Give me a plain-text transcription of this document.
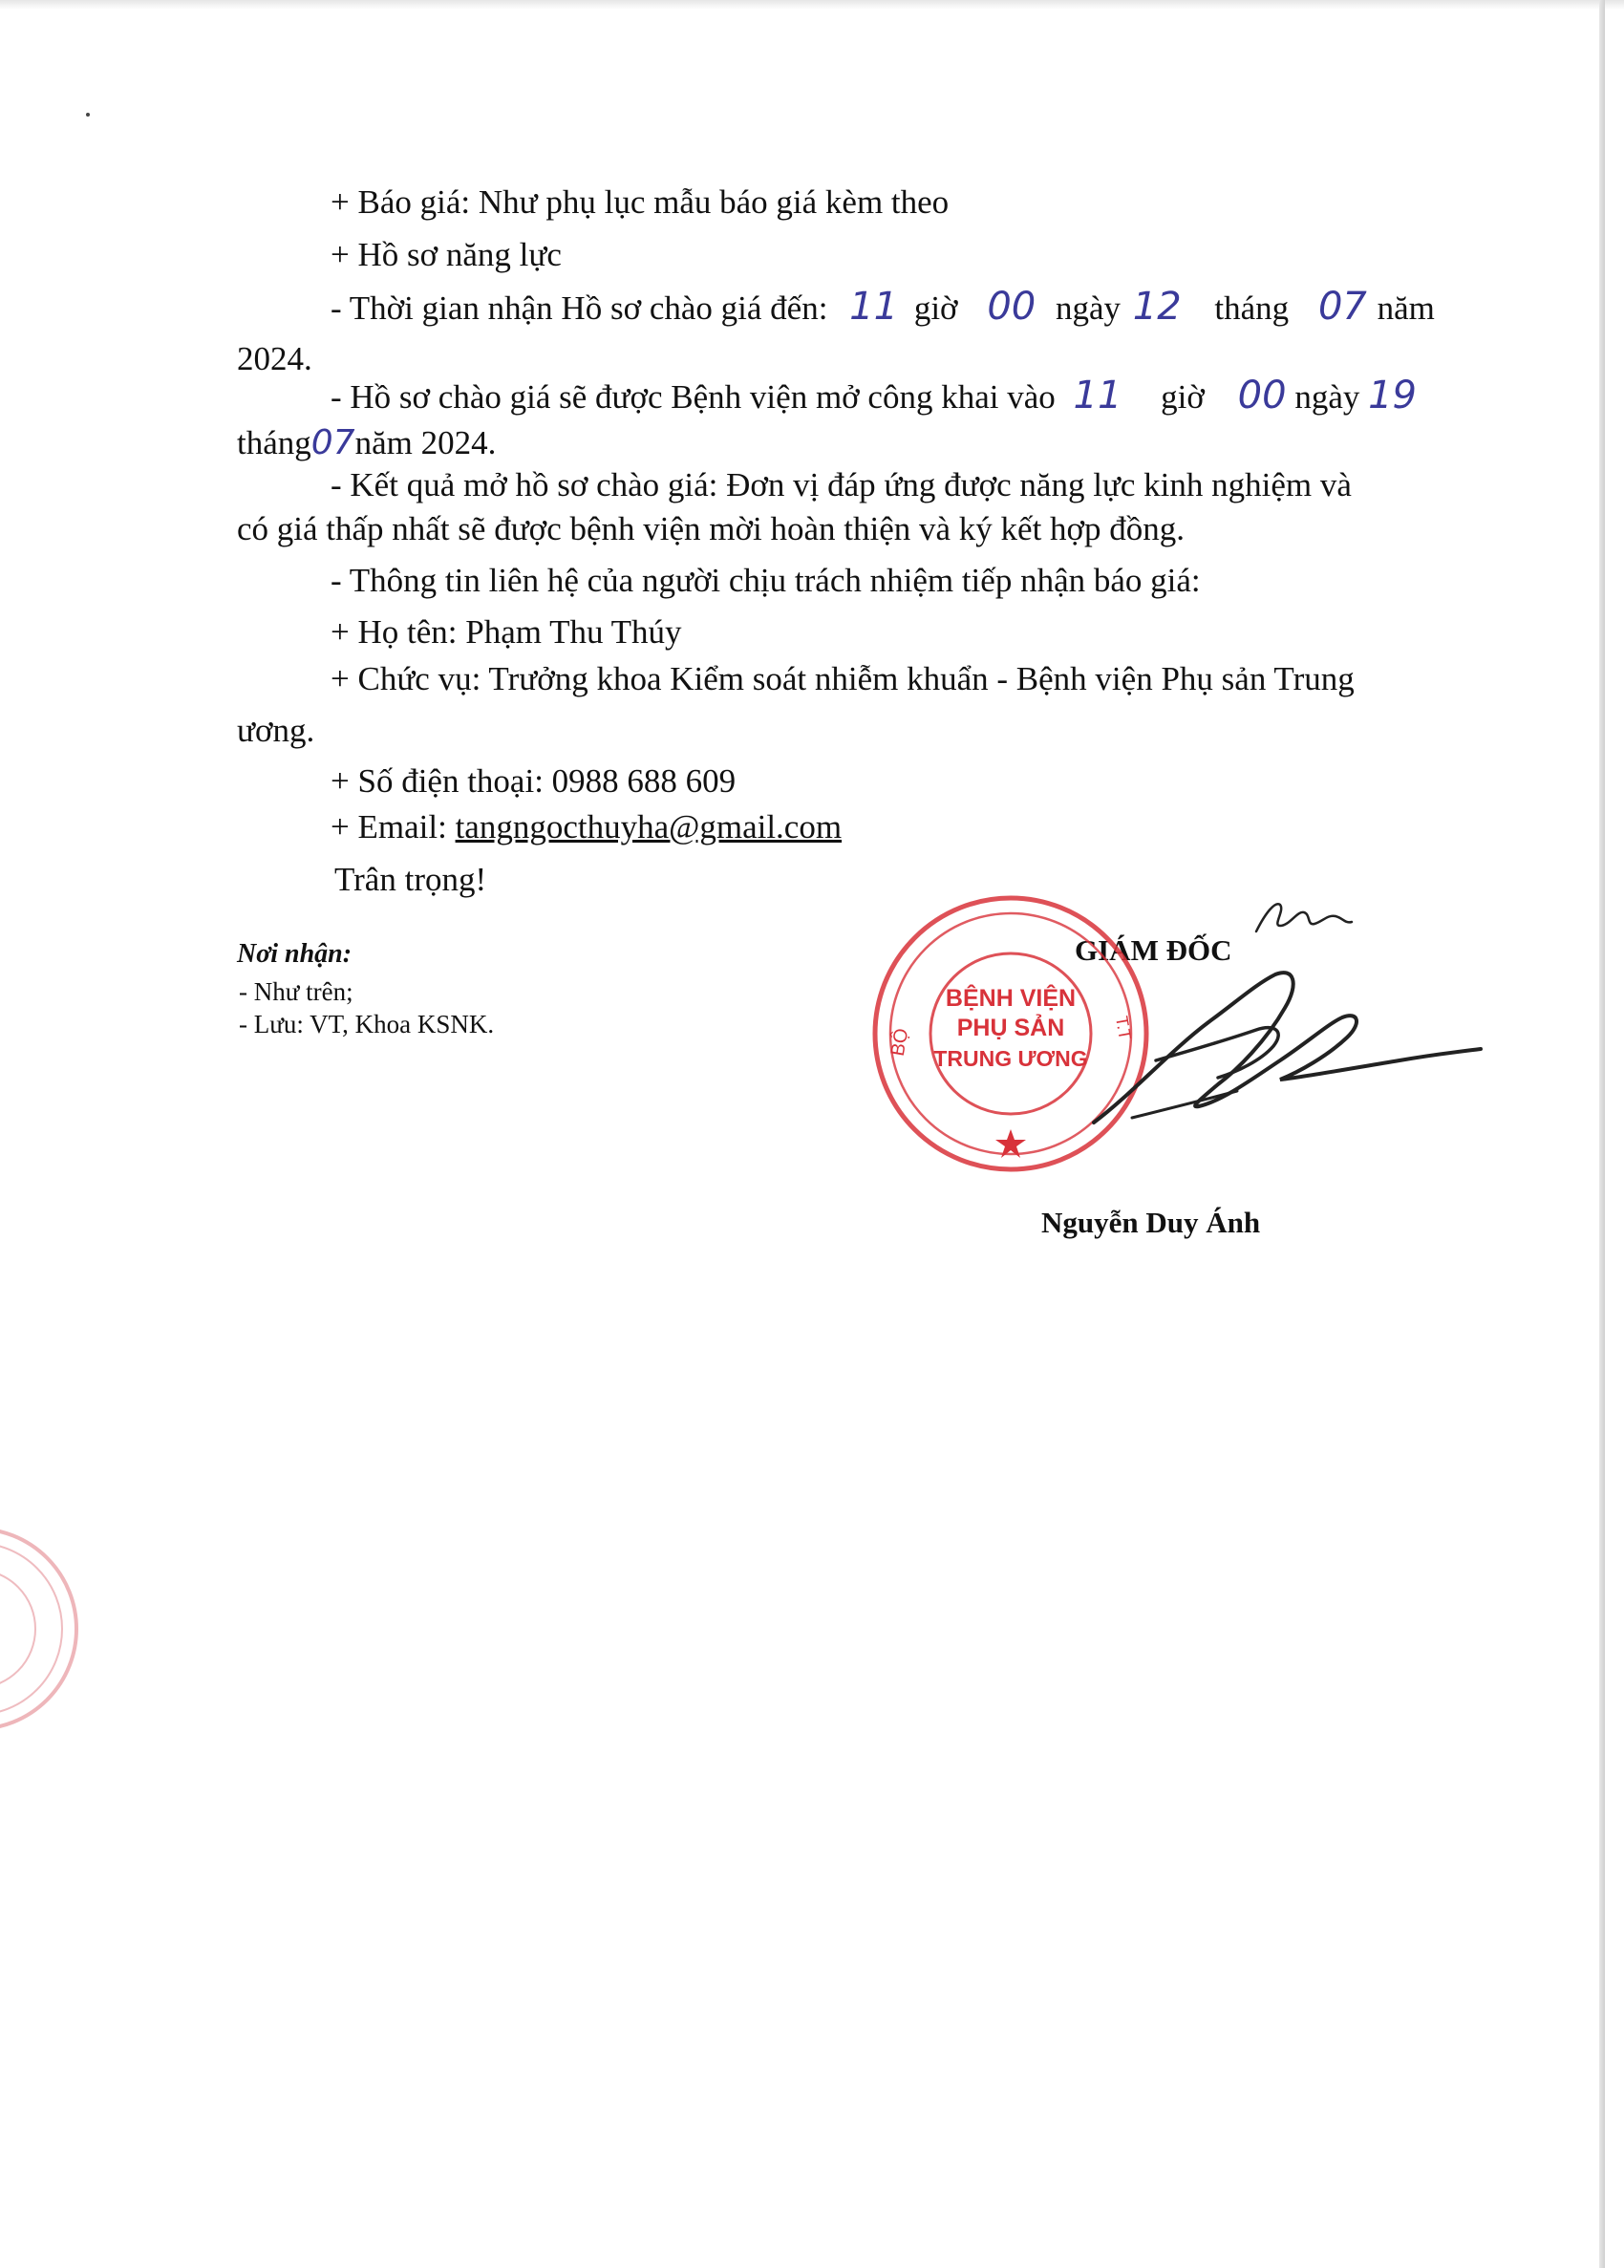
+ Báo giá: Như phụ lục mẫu báo giá kèm theo
+ Hồ sơ năng lực
- Thời gian nhận Hồ sơ chào giá đến: 11 giờ 00 ngày 12 tháng 07 năm
2024.
- Hồ sơ chào giá sẽ được Bệnh viện mở công khai vào 11 giờ 00 ngày 19
tháng07năm 2024.
- Kết quả mở hồ sơ chào giá: Đơn vị đáp ứng được năng lực kinh nghiệm và
có giá thấp nhất sẽ được bệnh viện mời hoàn thiện và ký kết hợp đồng.
- Thông tin liên hệ của người chịu trách nhiệm tiếp nhận báo giá:
+ Họ tên: Phạm Thu Thúy
+ Chức vụ: Trưởng khoa Kiểm soát nhiễm khuẩn - Bệnh viện Phụ sản Trung
ương.
+ Số điện thoại: 0988 688 609
+ Email: tangngocthuyha@gmail.com
Trân trọng!
Nơi nhận:
- Như trên;
- Lưu: VT, Khoa KSNK.
GIÁM ĐỐC
Nguyễn Duy Ánh
BỆNH VIỆN
PHỤ SẢN
TRUNG ƯƠNG
BỘ	T.T
